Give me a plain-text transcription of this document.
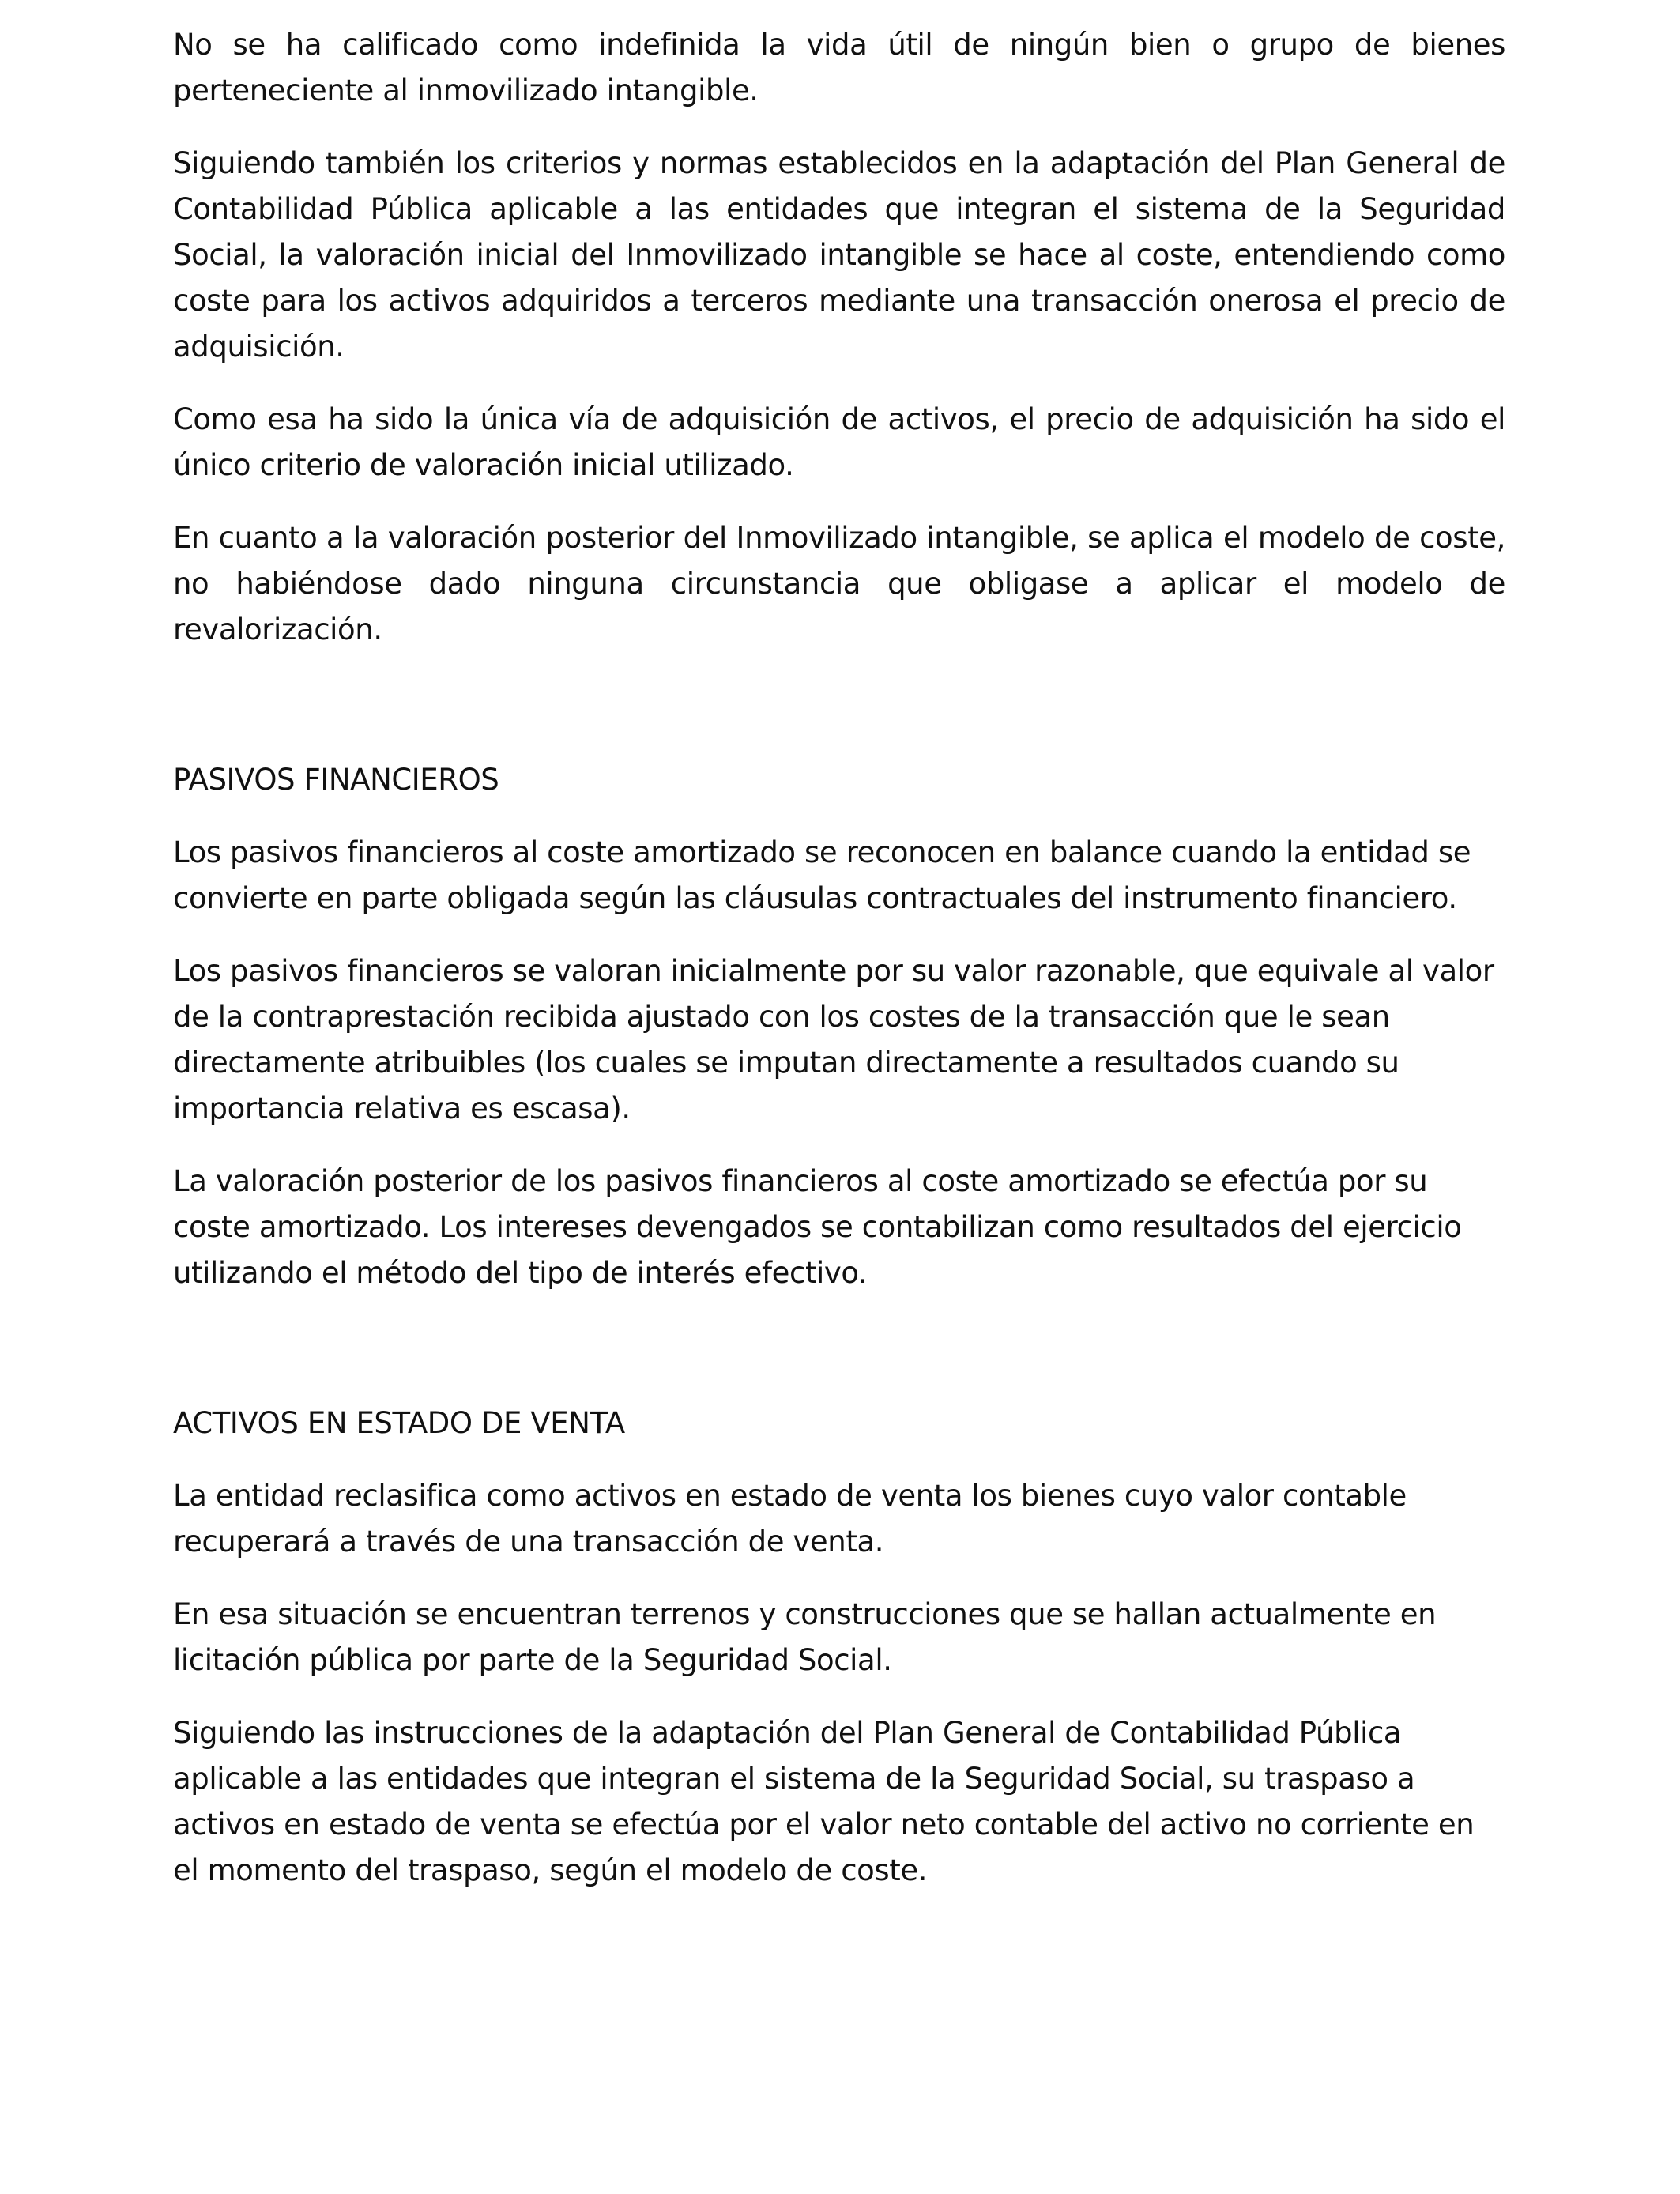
No se ha calificado como indefinida la vida útil de ningún bien o grupo de bienes perteneciente al inmovilizado intangible.

Siguiendo también los criterios y normas establecidos en la adaptación del Plan General de Contabilidad Pública aplicable a las entidades que integran el sistema de la Seguridad Social, la valoración inicial del Inmovilizado intangible se hace al coste, entendiendo como coste para los activos adquiridos a terceros mediante una transacción onerosa el precio de adquisición.

Como esa ha sido la única vía de adquisición de activos, el precio de adquisición ha sido el único criterio de valoración inicial utilizado.

En cuanto a la valoración posterior del Inmovilizado intangible, se aplica el modelo de coste, no habiéndose dado ninguna circunstancia que obligase a aplicar el modelo de revalorización.

PASIVOS FINANCIEROS

Los pasivos financieros al coste amortizado se reconocen en balance cuando la entidad se convierte en parte obligada según las cláusulas contractuales del instrumento financiero.

Los pasivos financieros se valoran inicialmente por su valor razonable, que equivale al valor de la contraprestación recibida ajustado con los costes de la transacción que le sean directamente atribuibles (los cuales se imputan directamente a resultados cuando su importancia relativa es escasa).

La valoración posterior de los pasivos financieros al coste amortizado se efectúa por su coste amortizado. Los intereses devengados se contabilizan como resultados del ejercicio utilizando el método del tipo de interés efectivo.

ACTIVOS EN ESTADO DE VENTA

La entidad reclasifica como activos en estado de venta los bienes cuyo valor contable recuperará a través de una transacción de venta.

En esa situación se encuentran terrenos y construcciones que se hallan actualmente en licitación pública por parte de la Seguridad Social.

Siguiendo las instrucciones de la adaptación del Plan General de Contabilidad Pública aplicable a las entidades que integran el sistema de la Seguridad Social, su traspaso a activos en estado de venta se efectúa por el valor neto contable del activo no corriente en el momento del traspaso, según el modelo de coste.
